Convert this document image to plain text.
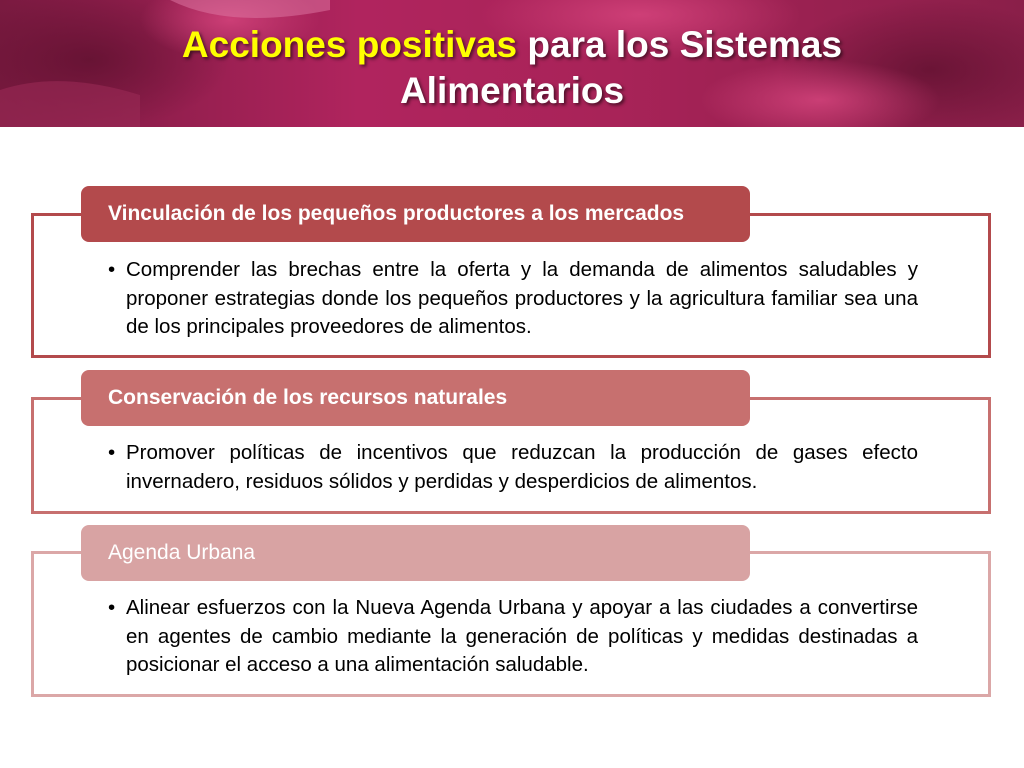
Acciones positivas para los Sistemas
Alimentarios
Vinculación de los pequeños productores a los mercados
• Comprender las brechas entre la oferta y la demanda de alimentos saludables y proponer estrategias donde los pequeños productores y la agricultura familiar sea una de los principales proveedores de alimentos.
Conservación de los recursos naturales
• Promover políticas de incentivos que reduzcan la producción de gases efecto invernadero, residuos sólidos y perdidas y desperdicios de alimentos.
Agenda Urbana
• Alinear esfuerzos con la Nueva Agenda Urbana y apoyar a las ciudades a convertirse en agentes de cambio mediante la generación de políticas y medidas destinadas a posicionar el acceso a una alimentación saludable.
